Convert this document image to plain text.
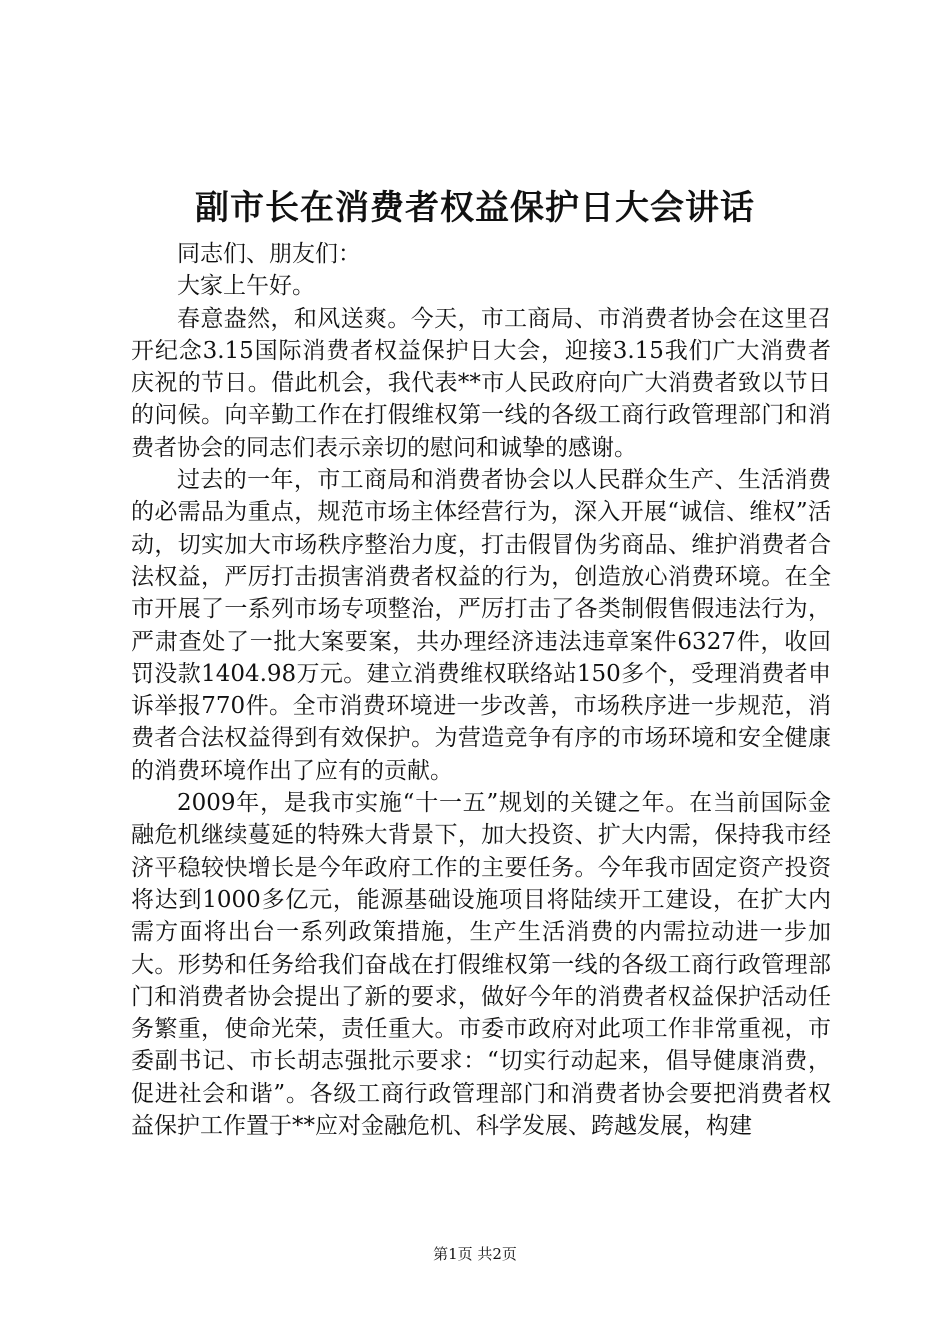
副市长在消费者权益保护日大会讲话

同志们、朋友们：

大家上午好。

春意盎然，和风送爽。今天，市工商局、市消费者协会在这里召开纪念3.15国际消费者权益保护日大会，迎接3.15我们广大消费者庆祝的节日。借此机会，我代表**市人民政府向广大消费者致以节日的问候。向辛勤工作在打假维权第一线的各级工商行政管理部门和消费者协会的同志们表示亲切的慰问和诚挚的感谢。

过去的一年，市工商局和消费者协会以人民群众生产、生活消费的必需品为重点，规范市场主体经营行为，深入开展“诚信、维权”活动，切实加大市场秩序整治力度，打击假冒伪劣商品、维护消费者合法权益，严厉打击损害消费者权益的行为，创造放心消费环境。在全市开展了一系列市场专项整治，严厉打击了各类制假售假违法行为，严肃查处了一批大案要案，共办理经济违法违章案件6327件，收回罚没款1404.98万元。建立消费维权联络站150多个，受理消费者申诉举报770件。全市消费环境进一步改善，市场秩序进一步规范，消费者合法权益得到有效保护。为营造竞争有序的市场环境和安全健康的消费环境作出了应有的贡献。

2009年，是我市实施“十一五”规划的关键之年。在当前国际金融危机继续蔓延的特殊大背景下，加大投资、扩大内需，保持我市经济平稳较快增长是今年政府工作的主要任务。今年我市固定资产投资将达到1000多亿元，能源基础设施项目将陆续开工建设，在扩大内需方面将出台一系列政策措施，生产生活消费的内需拉动进一步加大。形势和任务给我们奋战在打假维权第一线的各级工商行政管理部门和消费者协会提出了新的要求，做好今年的消费者权益保护活动任务繁重，使命光荣，责任重大。市委市政府对此项工作非常重视，市委副书记、市长胡志强批示要求：“切实行动起来，倡导健康消费，促进社会和谐”。各级工商行政管理部门和消费者协会要把消费者权益保护工作置于**应对金融危机、科学发展、跨越发展，构建

第1页 共2页
